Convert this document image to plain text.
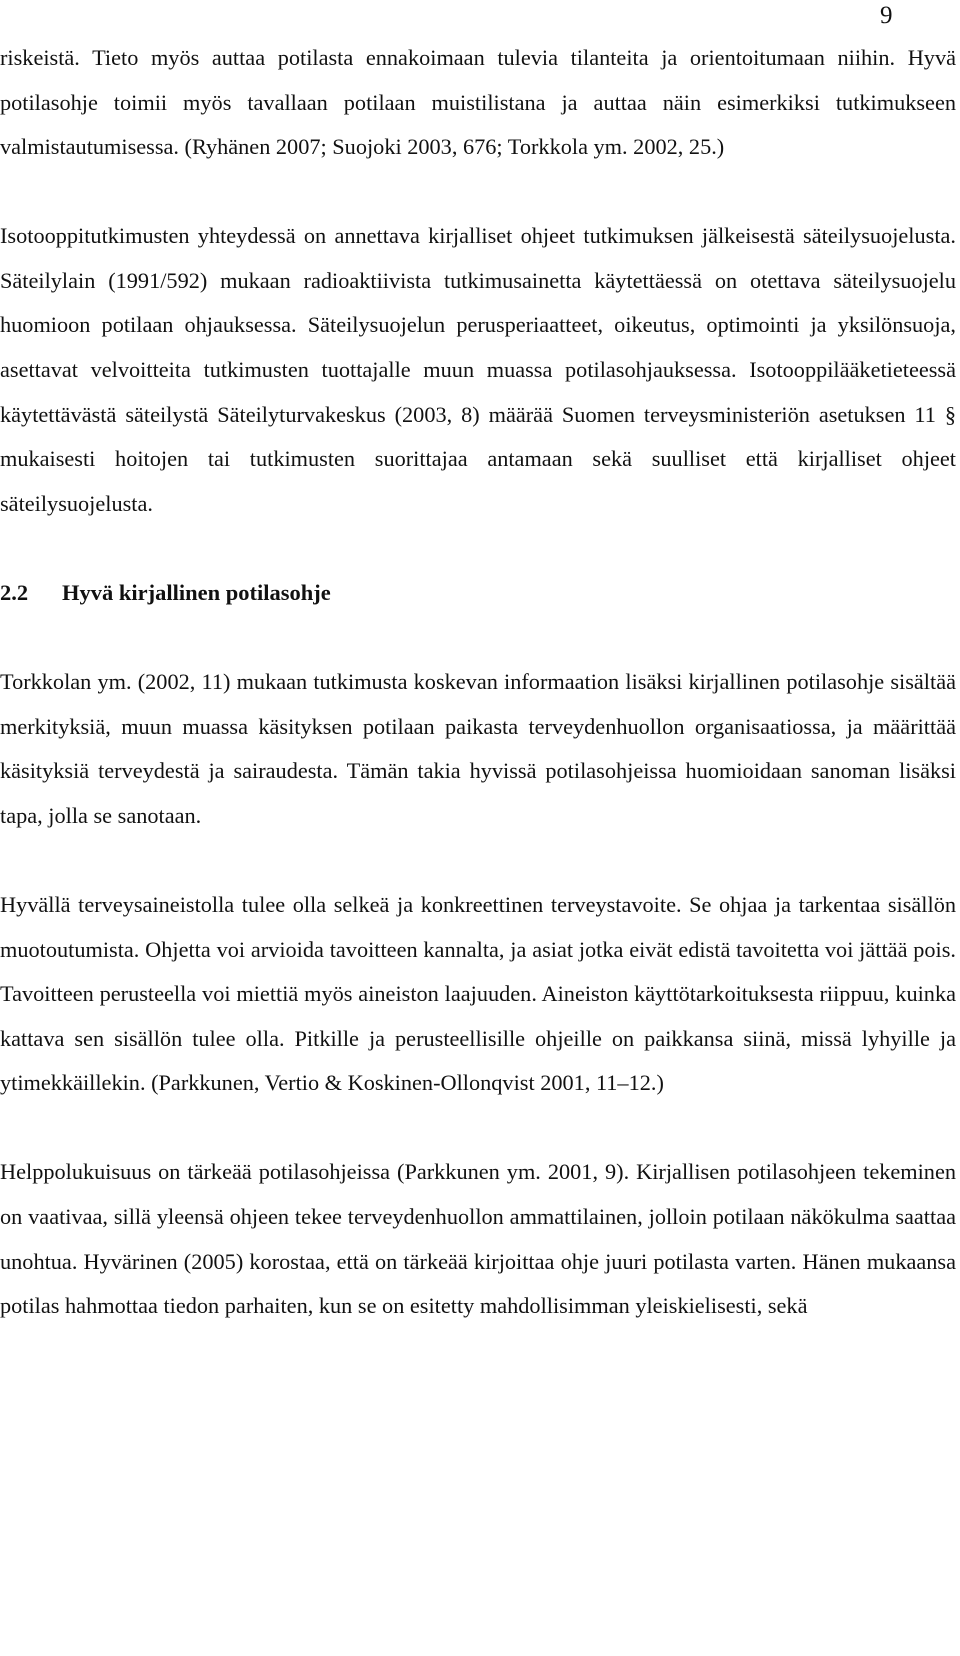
9

riskeistä. Tieto myös auttaa potilasta ennakoimaan tulevia tilanteita ja orientoitumaan niihin. Hyvä potilasohje toimii myös tavallaan potilaan muistilistana ja auttaa näin esimerkiksi tutkimukseen valmistautumisessa. (Ryhänen 2007; Suojoki 2003, 676; Torkkola ym. 2002, 25.)

Isotooppitutkimusten yhteydessä on annettava kirjalliset ohjeet tutkimuksen jälkeisestä säteilysuojelusta. Säteilylain (1991/592) mukaan radioaktiivista tutkimusainetta käytettäessä on otettava säteilysuojelu huomioon potilaan ohjauksessa. Säteilysuojelun perusperiaatteet, oikeutus, optimointi ja yksilönsuoja, asettavat velvoitteita tutkimusten tuottajalle muun muassa potilasohjauksessa. Isotooppilääketieteessä käytettävästä säteilystä Säteilyturvakeskus (2003, 8) määrää Suomen terveysministeriön asetuksen 11 § mukaisesti hoitojen tai tutkimusten suorittajaa antamaan sekä suulliset että kirjalliset ohjeet säteilysuojelusta.

2.2 Hyvä kirjallinen potilasohje

Torkkolan ym. (2002, 11) mukaan tutkimusta koskevan informaation lisäksi kirjallinen potilasohje sisältää merkityksiä, muun muassa käsityksen potilaan paikasta terveydenhuollon organisaatiossa, ja määrittää käsityksiä terveydestä ja sairaudesta. Tämän takia hyvissä potilasohjeissa huomioidaan sanoman lisäksi tapa, jolla se sanotaan.

Hyvällä terveysaineistolla tulee olla selkeä ja konkreettinen terveystavoite. Se ohjaa ja tarkentaa sisällön muotoutumista. Ohjetta voi arvioida tavoitteen kannalta, ja asiat jotka eivät edistä tavoitetta voi jättää pois. Tavoitteen perusteella voi miettiä myös aineiston laajuuden. Aineiston käyttötarkoituksesta riippuu, kuinka kattava sen sisällön tulee olla. Pitkille ja perusteellisille ohjeille on paikkansa siinä, missä lyhyille ja ytimekkäillekin. (Parkkunen, Vertio & Koskinen-Ollonqvist 2001, 11–12.)

Helppolukuisuus on tärkeää potilasohjeissa (Parkkunen ym. 2001, 9). Kirjallisen potilasohjeen tekeminen on vaativaa, sillä yleensä ohjeen tekee terveydenhuollon ammattilainen, jolloin potilaan näkökulma saattaa unohtua. Hyvärinen (2005) korostaa, että on tärkeää kirjoittaa ohje juuri potilasta varten. Hänen mukaansa potilas hahmottaa tiedon parhaiten, kun se on esitetty mahdollisimman yleiskielisesti, sekä
